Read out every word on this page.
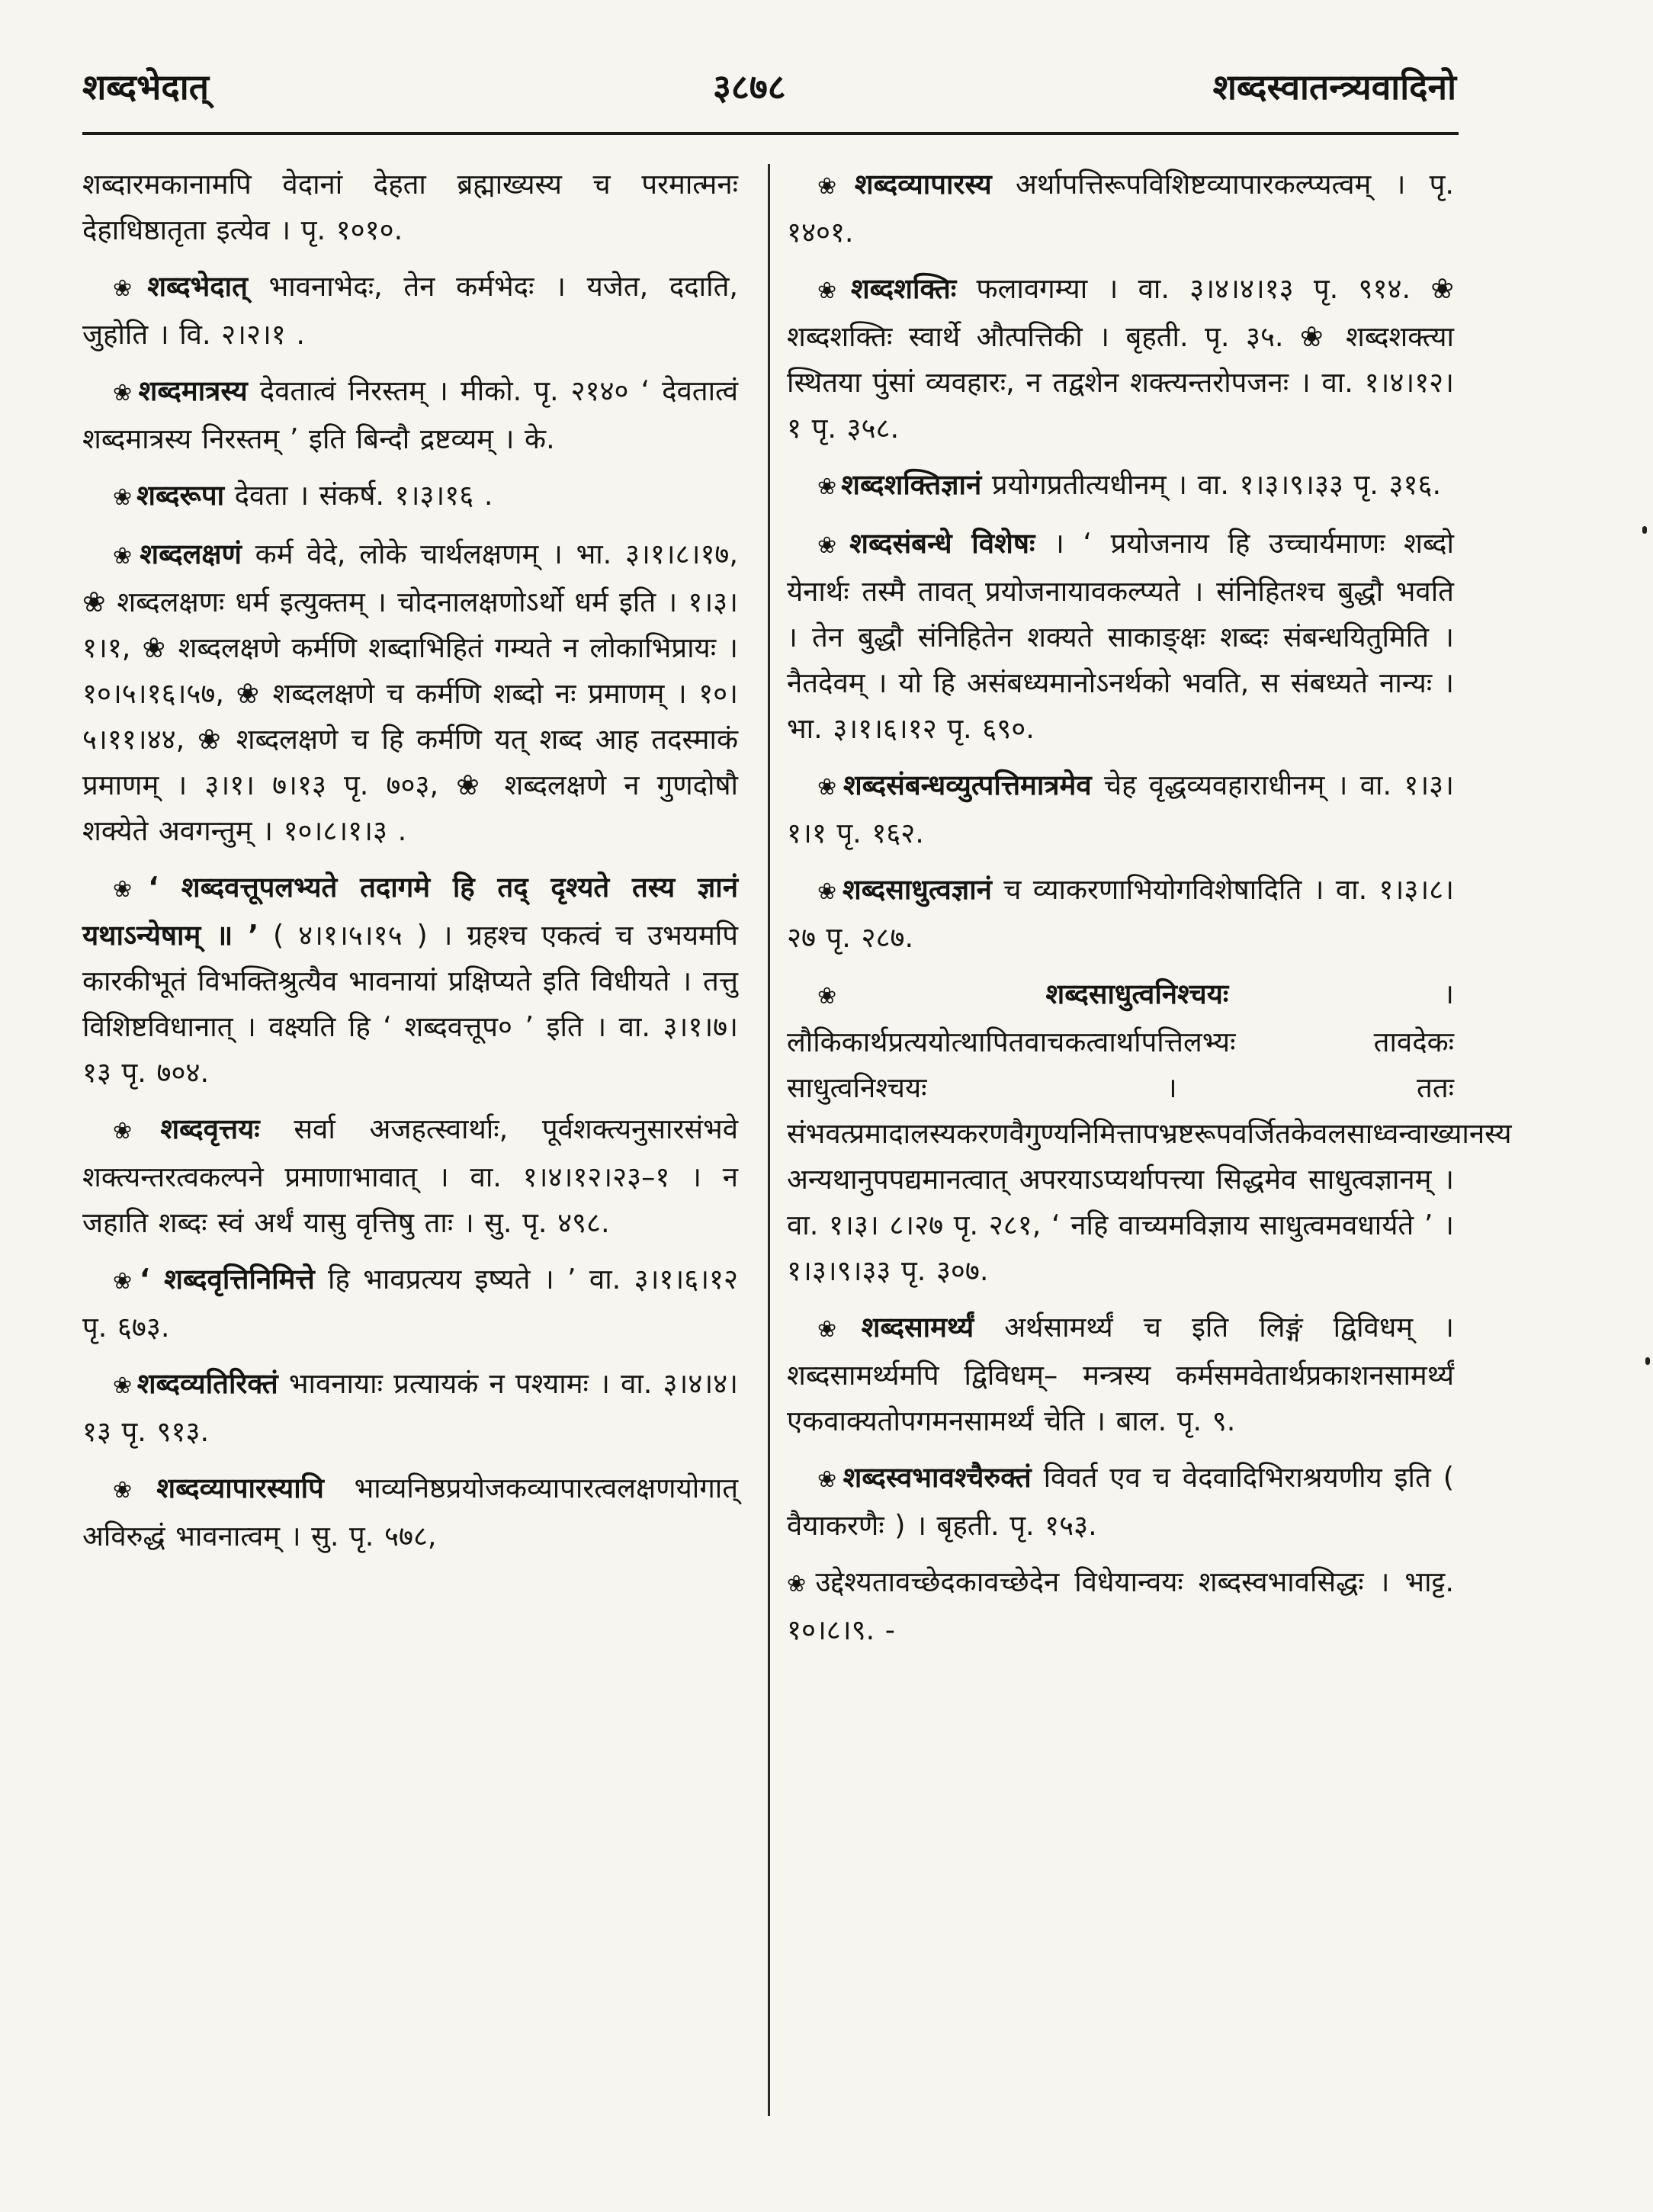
शब्दभेदात्	३८७८	शब्दस्वातन्त्र्यवादिनो

शब्दारमकानामपि वेदानां देहता ब्रह्माख्यस्य च परमात्मनः देहाधिष्ठातृता इत्येव । पृ. १०१०.

❀ शब्दभेदात् भावनाभेदः, तेन कर्मभेदः । यजेत, ददाति, जुहोति । वि. २।२।१ .

❀ शब्दमात्रस्य देवतात्वं निरस्तम् । मीको. पृ. २१४० ‘ देवतात्वं शब्दमात्रस्य निरस्तम् ’ इति बिन्दौ द्रष्टव्यम् । के.

❀ शब्दरूपा देवता । संकर्ष. १।३।१६ .

❀ शब्दलक्षणं कर्म वेदे, लोके चार्थलक्षणम् । भा. ३।१।८।१७, ❀ शब्दलक्षणः धर्म इत्युक्तम् । चोदनालक्षणोऽर्थो धर्म इति । १।३।१।१, ❀ शब्दलक्षणे कर्मणि शब्दाभिहितं गम्यते न लोकाभिप्रायः । १०।५।१६।५७, ❀ शब्दलक्षणे च कर्मणि शब्दो नः प्रमाणम् । १०।५।११।४४, ❀ शब्दलक्षणे च हि कर्मणि यत् शब्द आह तदस्माकं प्रमाणम् । ३।१। ७।१३ पृ. ७०३, ❀ शब्दलक्षणे न गुणदोषौ शक्येते अवगन्तुम् । १०।८।१।३ .

❀ ‘ शब्दवत्तूपलभ्यते तदागमे हि तद् दृश्यते तस्य ज्ञानं यथाऽन्येषाम् ॥ ’ ( ४।१।५।१५ ) । ग्रहश्च एकत्वं च उभयमपि कारकीभूतं विभक्तिश्रुत्यैव भावनायां प्रक्षिप्यते इति विधीयते । तत्तु विशिष्टविधानात् । वक्ष्यति हि ‘ शब्दवत्तूप० ’ इति । वा. ३।१।७।१३ पृ. ७०४.

❀ शब्दवृत्तयः सर्वा अजहत्स्वार्थाः, पूर्वशक्त्यनुसारसंभवे शक्त्यन्तरत्वकल्पने प्रमाणाभावात् । वा. १।४।१२।२३–१ । न जहाति शब्दः स्वं अर्थं यासु वृत्तिषु ताः । सु. पृ. ४९८.

❀ ‘ शब्दवृत्तिनिमित्ते हि भावप्रत्यय इष्यते । ’ वा. ३।१।६।१२ पृ. ६७३.

❀ शब्दव्यतिरिक्तं भावनायाः प्रत्यायकं न पश्यामः । वा. ३।४।४।१३ पृ. ९१३.

❀ शब्दव्यापारस्यापि भाव्यनिष्ठप्रयोजकव्यापारत्वलक्षणयोगात् अविरुद्धं भावनात्वम् । सु. पृ. ५७८,

❀ शब्दव्यापारस्य अर्थापत्तिरूपविशिष्टव्यापारकल्प्यत्वम् । पृ. १४०१.

❀ शब्दशक्तिः फलावगम्या । वा. ३।४।४।१३ पृ. ९१४. ❀ शब्दशक्तिः स्वार्थे औत्पत्तिकी । बृहती. पृ. ३५. ❀ शब्दशक्त्या स्थितया पुंसां व्यवहारः, न तद्वशेन शक्त्यन्तरोपजनः । वा. १।४।१२।१ पृ. ३५८.

❀ शब्दशक्तिज्ञानं प्रयोगप्रतीत्यधीनम् । वा. १।३।९।३३ पृ. ३१६.

❀ शब्दसंबन्धे विशेषः । ‘ प्रयोजनाय हि उच्चार्यमाणः शब्दो येनार्थः तस्मै तावत् प्रयोजनायावकल्प्यते । संनिहितश्च बुद्धौ भवति । तेन बुद्धौ संनिहितेन शक्यते साकाङ्क्षः शब्दः संबन्धयितुमिति । नैतदेवम् । यो हि असंबध्यमानोऽनर्थको भवति, स संबध्यते नान्यः । भा. ३।१।६।१२ पृ. ६९०.

❀ शब्दसंबन्धव्युत्पत्तिमात्रमेव चेह वृद्धव्यवहाराधीनम् । वा. १।३।१।१ पृ. १६२.

❀ शब्दसाधुत्वज्ञानं च व्याकरणाभियोगविशेषादिति । वा. १।३।८।२७ पृ. २८७.

❀ शब्दसाधुत्वनिश्चयः	। लौकिकार्थप्रत्ययोत्थापितवाचकत्वार्थापत्तिलभ्यः तावदेकः साधुत्वनिश्चयः । ततः संभवत्प्रमादालस्यकरणवैगुण्यनिमित्तापभ्रष्टरूपवर्जितकेवलसाध्वन्वाख्यानस्य अन्यथानुपपद्यमानत्वात् अपरयाऽप्यर्थापत्त्या सिद्धमेव साधुत्वज्ञानम् । वा. १।३। ८।२७ पृ. २८१, ‘ नहि वाच्यमविज्ञाय साधुत्वमवधार्यते ’ । १।३।९।३३ पृ. ३०७.

❀ शब्दसामर्थ्यं अर्थसामर्थ्यं च इति लिङ्गं द्विविधम् । शब्दसामर्थ्यमपि द्विविधम्– मन्त्रस्य कर्मसमवेतार्थप्रकाशनसामर्थ्यं एकवाक्यतोपगमनसामर्थ्यं चेति । बाल. पृ. ९.

❀ शब्दस्वभावश्चैरुक्तं विवर्त एव च वेदवादिभिराश्रयणीय इति ( वैयाकरणैः ) । बृहती. पृ. १५३.

❀ उद्देश्यतावच्छेदकावच्छेदेन विधेयान्वयः शब्दस्वभावसिद्धः । भाट्ट. १०।८।९. -
